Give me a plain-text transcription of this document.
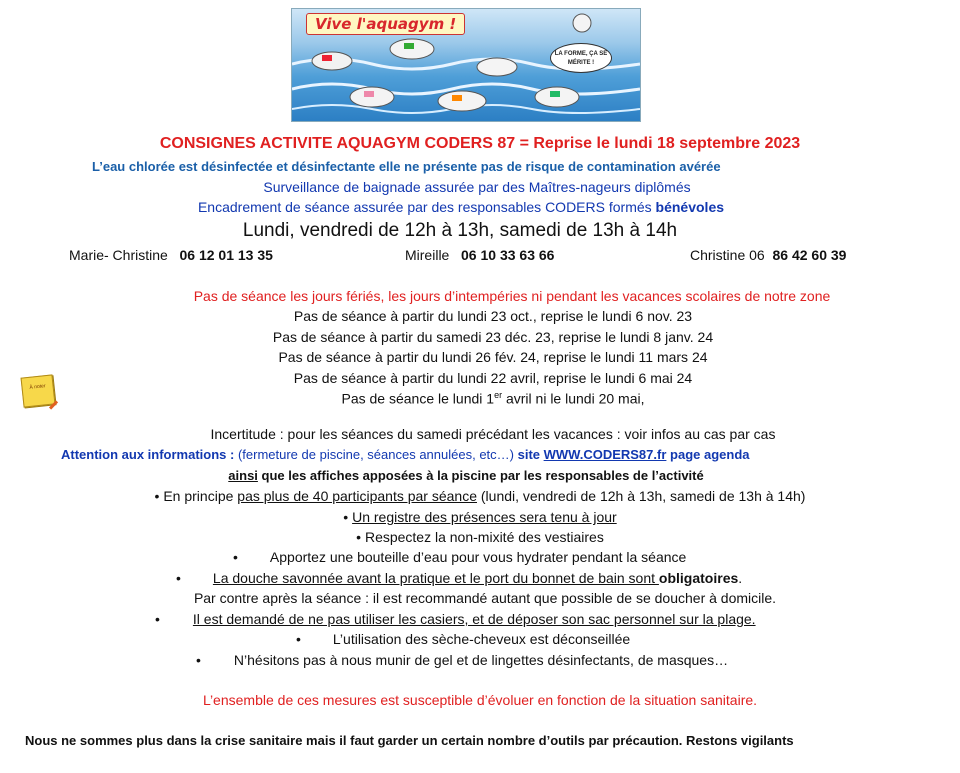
Vive l'aquagym !
LA FORME, ÇA SE MÉRITE !
CONSIGNES ACTIVITE AQUAGYM CODERS 87 = Reprise le lundi 18 septembre 2023
L’eau chlorée est désinfectée et désinfectante elle ne présente pas de risque de contamination avérée
Surveillance de baignade assurée par des Maîtres-nageurs diplômés
Encadrement de séance assurée par des responsables CODERS formés bénévoles
Lundi, vendredi de 12h à 13h, samedi de 13h à 14h
Marie- Christine 06 12 01 13 35	Mireille 06 10 33 63 66	Christine 06 86 42 60 39
Pas de séance les jours fériés, les jours d’intempéries ni pendant les vacances scolaires de notre zone
Pas de séance à partir du lundi 23 oct., reprise le lundi 6 nov. 23
Pas de séance à partir du samedi 23 déc. 23, reprise le lundi 8 janv. 24
Pas de séance à partir du lundi 26 fév. 24, reprise le lundi 11 mars 24
Pas de séance à partir du lundi 22 avril, reprise le lundi 6 mai 24
Pas de séance le lundi 1er avril ni le lundi 20 mai,
À noter
Incertitude : pour les séances du samedi précédant les vacances : voir infos au cas par cas
Attention aux informations : (fermeture de piscine, séances annulées, etc…) site WWW.CODERS87.fr page agenda
ainsi que les affiches apposées à la piscine par les responsables de l’activité
• En principe pas plus de 40 participants par séance (lundi, vendredi de 12h à 13h, samedi de 13h à 14h)
• Un registre des présences sera tenu à jour
• Respectez la non-mixité des vestiaires
• Apportez une bouteille d’eau pour vous hydrater pendant la séance
• La douche savonnée avant la pratique et le port du bonnet de bain sont obligatoires.
Par contre après la séance : il est recommandé autant que possible de se doucher à domicile.
• Il est demandé de ne pas utiliser les casiers, et de déposer son sac personnel sur la plage.
• L’utilisation des sèche-cheveux est déconseillée
• N’hésitons pas à nous munir de gel et de lingettes désinfectants, de masques…
L’ensemble de ces mesures est susceptible d’évoluer en fonction de la situation sanitaire.
Nous ne sommes plus dans la crise sanitaire mais il faut garder un certain nombre d’outils par précaution. Restons vigilants
